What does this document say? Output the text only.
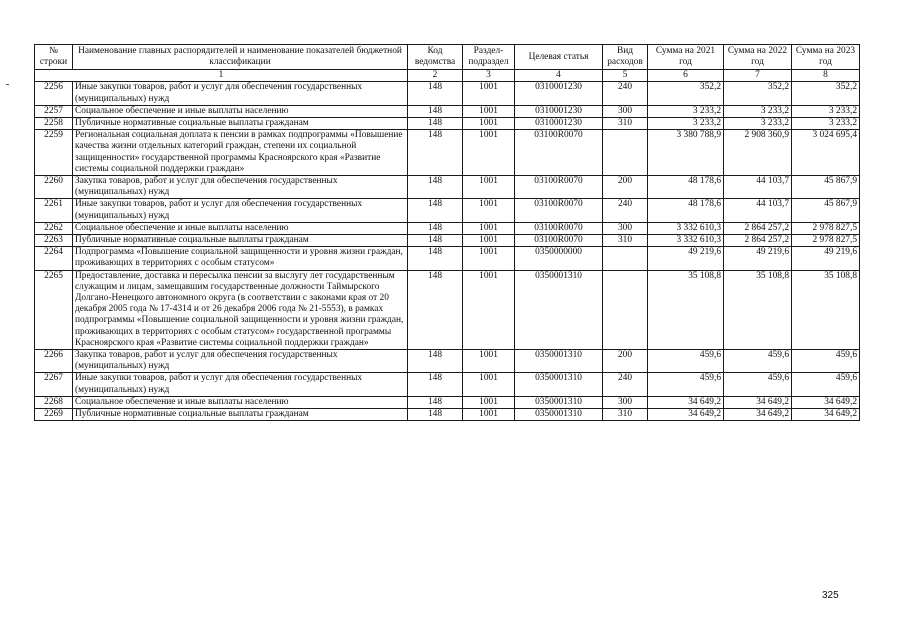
№ строки	Наименование главных распорядителей и наименование показателей бюджетной классификации	Код ведомства	Раздел-подраздел	Целевая статья	Вид расходов	Сумма на 2021 год	Сумма на 2022 год	Сумма на 2023 год
1		2	3	4	5	6	7	8
2256	Иные закупки товаров, работ и услуг для обеспечения государственных (муниципальных) нужд	148	1001	0310001230	240	352,2	352,2	352,2
2257	Социальное обеспечение и иные выплаты населению	148	1001	0310001230	300	3 233,2	3 233,2	3 233,2
2258	Публичные нормативные социальные выплаты гражданам	148	1001	0310001230	310	3 233,2	3 233,2	3 233,2
2259	Региональная социальная доплата к пенсии в рамках подпрограммы «Повышение качества жизни отдельных категорий граждан, степени их социальной защищенности» государственной программы Красноярского края «Развитие системы социальной поддержки граждан»	148	1001	03100R0070		3 380 788,9	2 908 360,9	3 024 695,4
2260	Закупка товаров, работ и услуг для обеспечения государственных (муниципальных) нужд	148	1001	03100R0070	200	48 178,6	44 103,7	45 867,9
2261	Иные закупки товаров, работ и услуг для обеспечения государственных (муниципальных) нужд	148	1001	03100R0070	240	48 178,6	44 103,7	45 867,9
2262	Социальное обеспечение и иные выплаты населению	148	1001	03100R0070	300	3 332 610,3	2 864 257,2	2 978 827,5
2263	Публичные нормативные социальные выплаты гражданам	148	1001	03100R0070	310	3 332 610,3	2 864 257,2	2 978 827,5
2264	Подпрограмма «Повышение социальной защищенности и уровня жизни граждан, проживающих в территориях с особым статусом»	148	1001	0350000000		49 219,6	49 219,6	49 219,6
2265	Предоставление, доставка и пересылка пенсии за выслугу лет государственным служащим и лицам, замещавшим государственные должности Таймырского Долгано-Ненецкого автономного округа (в соответствии с законами края от 20 декабря 2005 года № 17-4314 и от 26 декабря 2006 года № 21-5553), в рамках подпрограммы «Повышение социальной защищенности и уровня жизни граждан, проживающих в территориях с особым статусом» государственной программы Красноярского края «Развитие системы социальной поддержки граждан»	148	1001	0350001310		35 108,8	35 108,8	35 108,8
2266	Закупка товаров, работ и услуг для обеспечения государственных (муниципальных) нужд	148	1001	0350001310	200	459,6	459,6	459,6
2267	Иные закупки товаров, работ и услуг для обеспечения государственных (муниципальных) нужд	148	1001	0350001310	240	459,6	459,6	459,6
2268	Социальное обеспечение и иные выплаты населению	148	1001	0350001310	300	34 649,2	34 649,2	34 649,2
2269	Публичные нормативные социальные выплаты гражданам	148	1001	0350001310	310	34 649,2	34 649,2	34 649,2
325
